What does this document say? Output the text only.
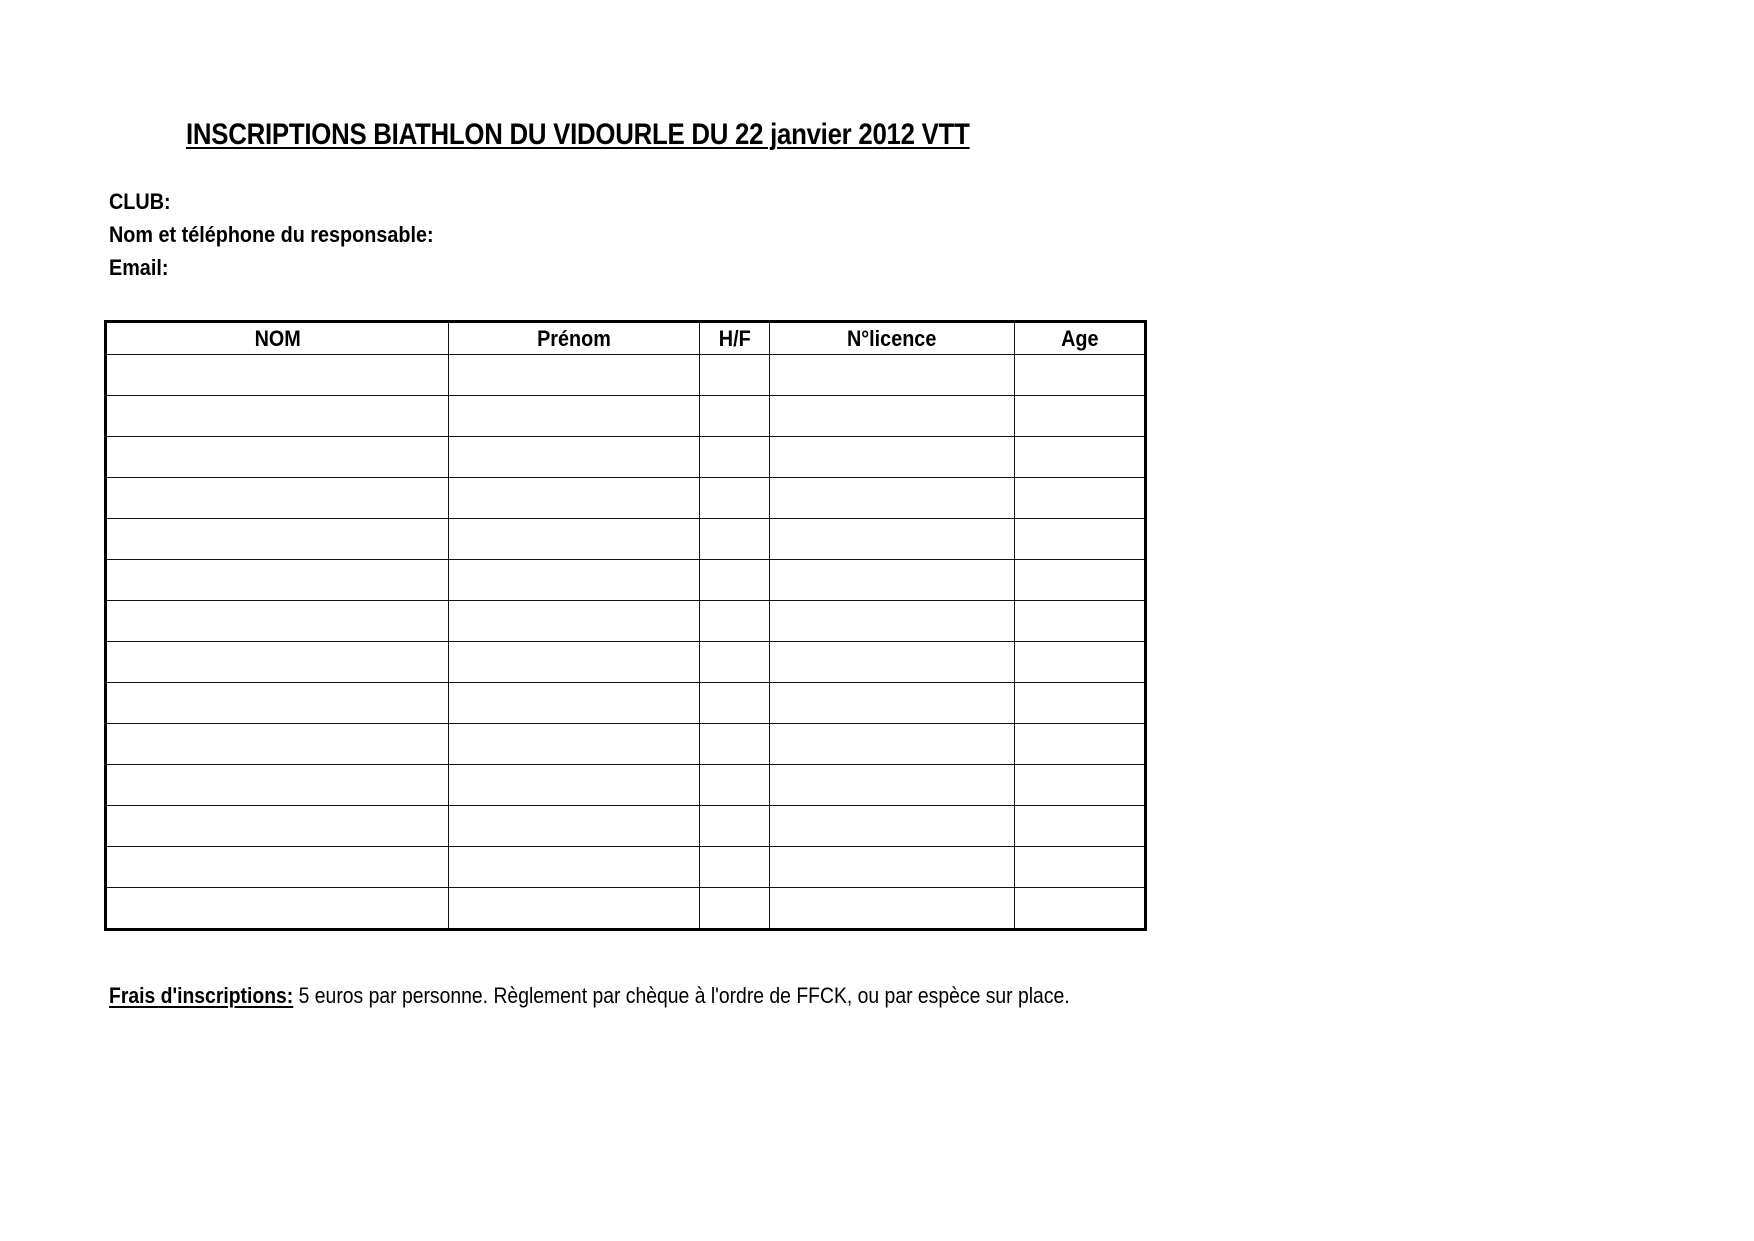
INSCRIPTIONS BIATHLON DU VIDOURLE DU 22 janvier 2012 VTT
CLUB:
Nom et téléphone du responsable:
Email:
NOM	Prénom	H/F	N°licence	Age

Frais d'inscriptions: 5 euros par personne. Règlement par chèque à l'ordre de FFCK, ou par espèce sur place.
